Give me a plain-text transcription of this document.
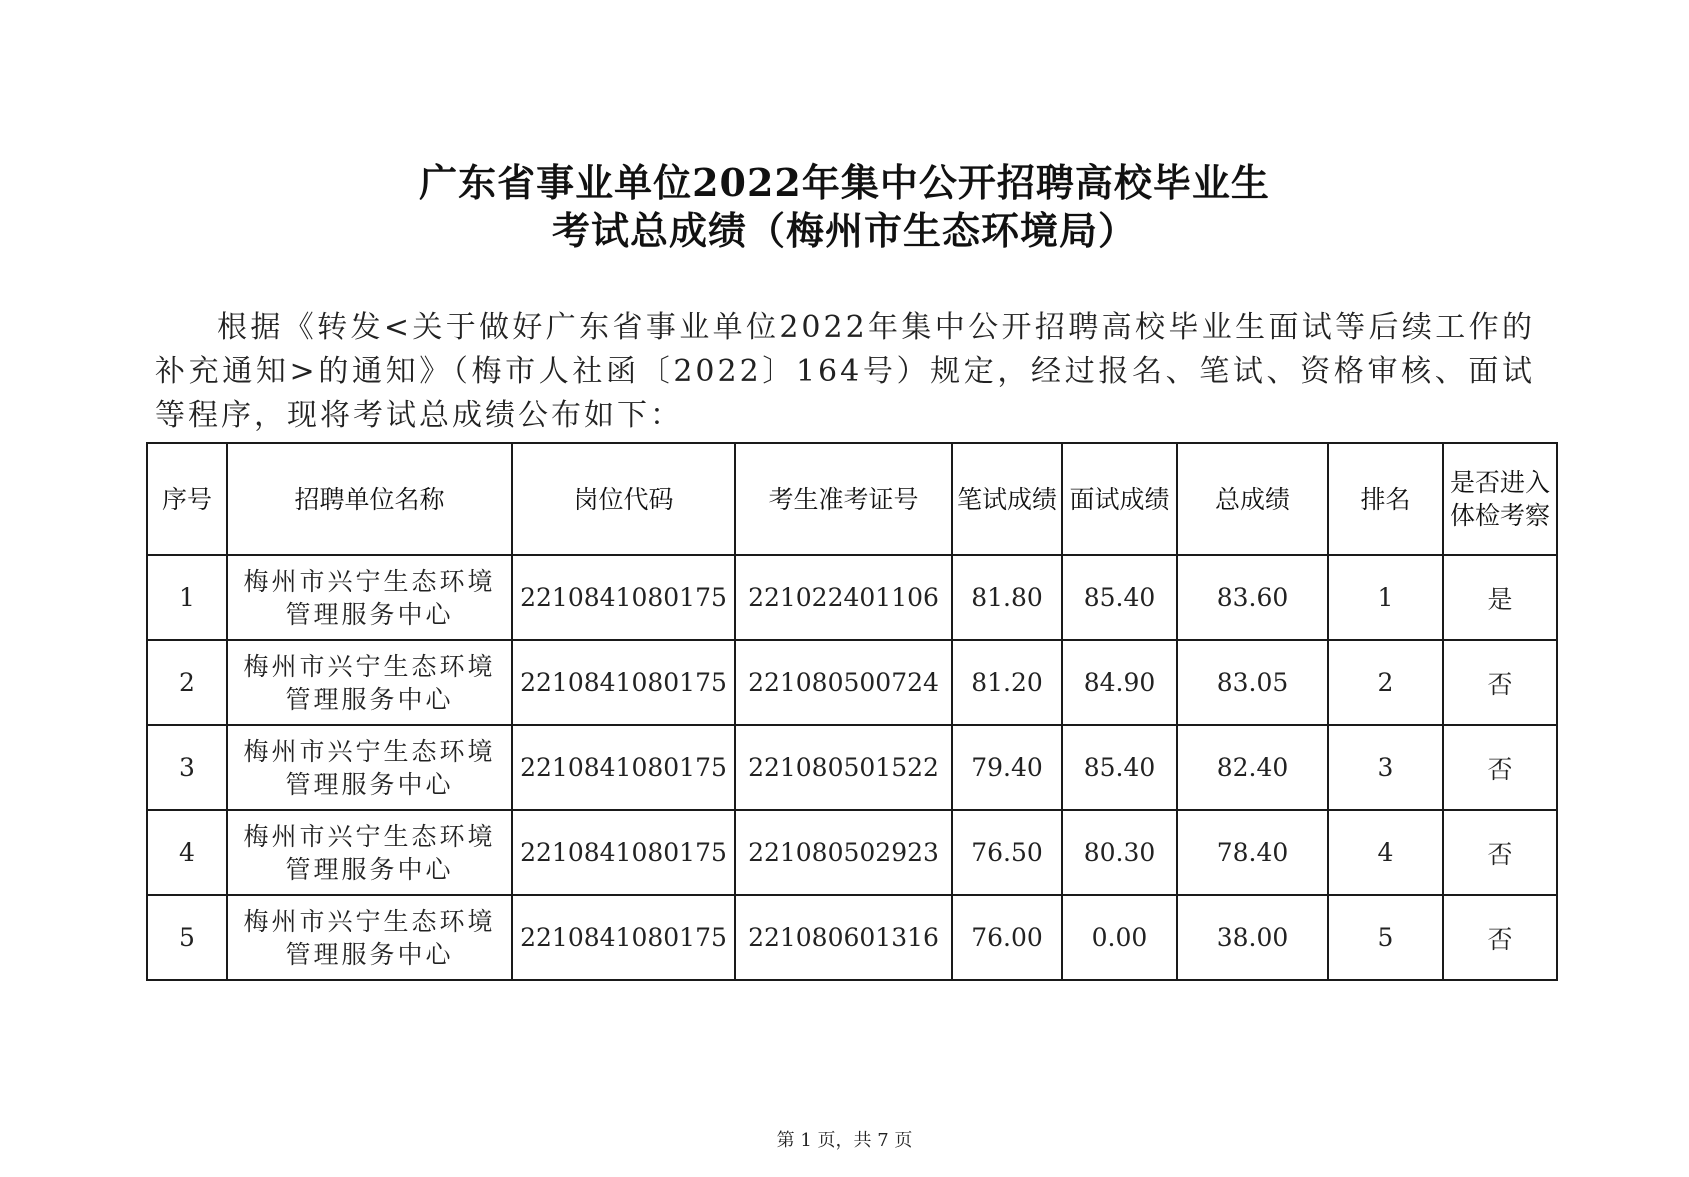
广东省事业单位2022年集中公开招聘高校毕业生
考试总成绩（梅州市生态环境局）

根据《转发<关于做好广东省事业单位2022年集中公开招聘高校毕业生面试等后续工作的补充通知>的通知》（梅市人社函〔2022〕164号）规定，经过报名、笔试、资格审核、面试等程序，现将考试总成绩公布如下：

序号	招聘单位名称	岗位代码	考生准考证号	笔试成绩	面试成绩	总成绩	排名	是否进入体检考察
1	梅州市兴宁生态环境管理服务中心	2210841080175	221022401106	81.80	85.40	83.60	1	是
2	梅州市兴宁生态环境管理服务中心	2210841080175	221080500724	81.20	84.90	83.05	2	否
3	梅州市兴宁生态环境管理服务中心	2210841080175	221080501522	79.40	85.40	82.40	3	否
4	梅州市兴宁生态环境管理服务中心	2210841080175	221080502923	76.50	80.30	78.40	4	否
5	梅州市兴宁生态环境管理服务中心	2210841080175	221080601316	76.00	0.00	38.00	5	否
第 1 页，共 7 页
